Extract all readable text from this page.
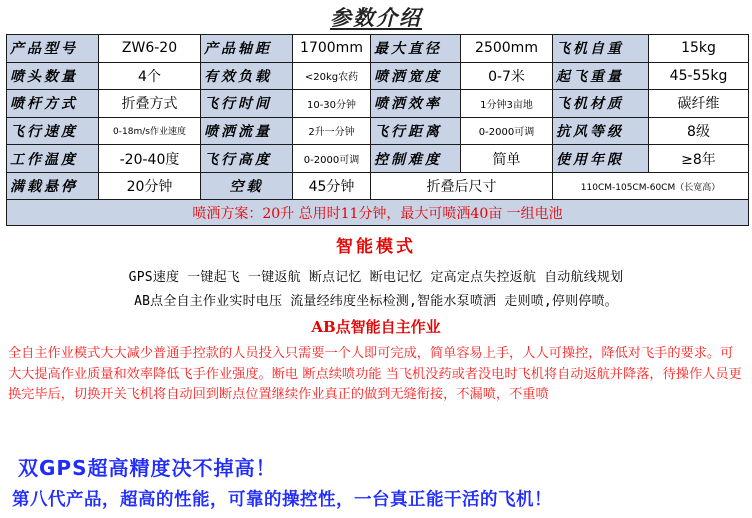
参数介绍
产品型号	ZW6-20	产品轴距	1700mm	最大直径	2500mm	飞机自重	15kg
喷头数量	4个	有效负载	<20kg农药	喷洒宽度	0-7米	起飞重量	45-55kg
喷杆方式	折叠方式	飞行时间	10-30分钟	喷洒效率	1分钟3亩地	飞机材质	碳纤维
飞行速度	0-18m/s作业速度	喷洒流量	2升一分钟	飞行距离	0-2000可调	抗风等级	8级
工作温度	-20-40度	飞行高度	0-2000可调	控制难度	简单	使用年限	≥8年
满载悬停	20分钟	空载	45分钟	折叠后尺寸		110CM-105CM-60CM（长宽高）	
喷洒方案：20升 总用时11分钟，最大可喷洒40亩 一组电池							
智能模式
GPS速度 一键起飞 一键返航 断点记忆 断电记忆 定高定点失控返航 自动航线规划
AB点全自主作业实时电压 流量经纬度坐标检测,智能水泵喷洒 走则喷,停则停喷。
AB点智能自主作业
全自主作业模式大大减少普通手控款的人员投入只需要一个人即可完成，简单容易上手，人人可操控，降低对飞手的要求。可大大提高作业质量和效率降低飞手作业强度。断电 断点续喷功能 当飞机没药或者没电时飞机将自动返航并降落，待操作人员更换完毕后，切换开关飞机将自动回到断点位置继续作业真正的做到无缝衔接，不漏喷，不重喷
双GPS超高精度决不掉高！
第八代产品，超高的性能，可靠的操控性，一台真正能干活的飞机！
